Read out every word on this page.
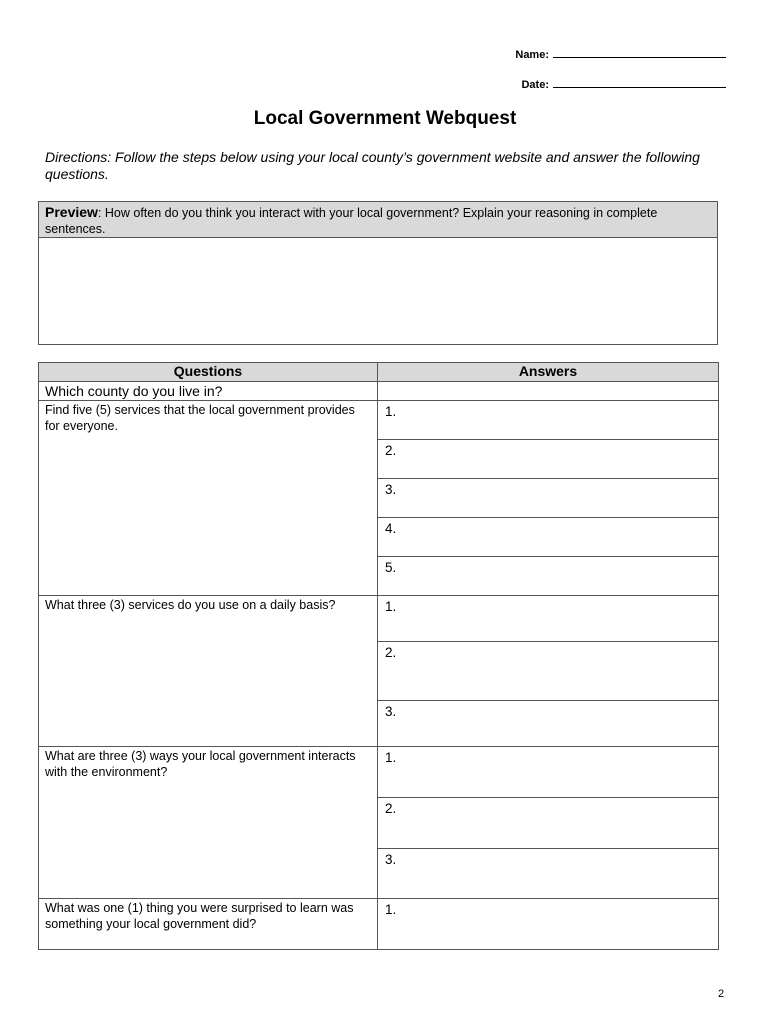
Name:
Date:
Local Government Webquest
Directions: Follow the steps below using your local county’s government website and answer the following questions.
Preview: How often do you think you interact with your local government? Explain your reasoning in complete sentences.
Questions	Answers
Which county do you live in?	
Find five (5) services that the local government provides for everyone.	1.
	2.
	3.
	4.
	5.
What three (3) services do you use on a daily basis?	1.
	2.
	3.
What are three (3) ways your local government interacts with the environment?	1.
	2.
	3.
What was one (1) thing you were surprised to learn was something your local government did?	1.
2
